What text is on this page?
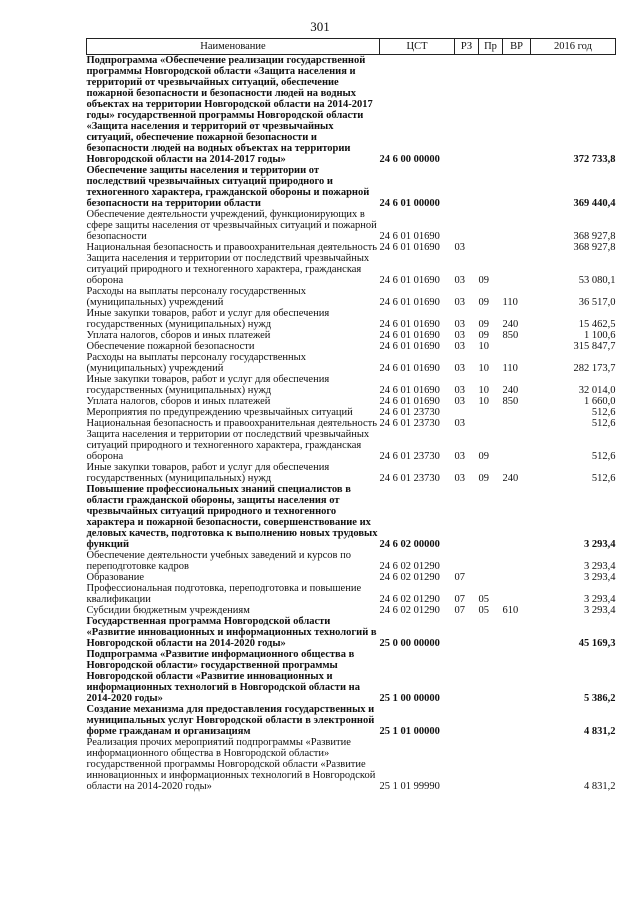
301
Наименование	ЦСТ	РЗ	Пр	ВР	2016 год
Подпрограмма «Обеспечение реализации государственной программы Новгородской области «Защита населения и территорий от чрезвычайных ситуаций, обеспечение пожарной безопасности и безопасности людей на водных объектах на территории Новгородской области на 2014-2017 годы» государственной программы Новгородской области «Защита населения и территорий от чрезвычайных ситуаций, обеспечение пожарной безопасности и безопасности людей на водных объектах на территории Новгородской области на 2014-2017 годы»	24 6 00 00000				372 733,8
Обеспечение защиты населения и территории от последствий чрезвычайных ситуаций природного и техногенного характера, гражданской обороны и пожарной безопасности на территории области	24 6 01 00000				369 440,4
Обеспечение деятельности учреждений, функционирующих в сфере защиты населения от чрезвычайных ситуаций и пожарной безопасности	24 6 01 01690				368 927,8
Национальная безопасность и правоохранительная деятельность	24 6 01 01690	03			368 927,8
Защита населения и территории от последствий чрезвычайных ситуаций природного и техногенного характера, гражданская оборона	24 6 01 01690	03	09		53 080,1
Расходы на выплаты персоналу государственных (муниципальных) учреждений	24 6 01 01690	03	09	110	36 517,0
Иные закупки товаров, работ и услуг для обеспечения государственных (муниципальных) нужд	24 6 01 01690	03	09	240	15 462,5
Уплата налогов, сборов и иных платежей	24 6 01 01690	03	09	850	1 100,6
Обеспечение пожарной безопасности	24 6 01 01690	03	10		315 847,7
Расходы на выплаты персоналу государственных (муниципальных) учреждений	24 6 01 01690	03	10	110	282 173,7
Иные закупки товаров, работ и услуг для обеспечения государственных (муниципальных) нужд	24 6 01 01690	03	10	240	32 014,0
Уплата налогов, сборов и иных платежей	24 6 01 01690	03	10	850	1 660,0
Мероприятия по предупреждению чрезвычайных ситуаций	24 6 01 23730				512,6
Национальная безопасность и правоохранительная деятельность	24 6 01 23730	03			512,6
Защита населения и территории от последствий чрезвычайных ситуаций природного и техногенного характера, гражданская оборона	24 6 01 23730	03	09		512,6
Иные закупки товаров, работ и услуг для обеспечения государственных (муниципальных) нужд	24 6 01 23730	03	09	240	512,6
Повышение профессиональных знаний специалистов в области гражданской обороны, защиты населения от чрезвычайных ситуаций природного и техногенного характера и пожарной безопасности, совершенствование их деловых качеств, подготовка к выполнению новых трудовых функций	24 6 02 00000				3 293,4
Обеспечение деятельности учебных заведений и курсов по переподготовке кадров	24 6 02 01290				3 293,4
Образование	24 6 02 01290	07			3 293,4
Профессиональная подготовка, переподготовка и повышение квалификации	24 6 02 01290	07	05		3 293,4
Субсидии бюджетным учреждениям	24 6 02 01290	07	05	610	3 293,4
Государственная программа Новгородской области «Развитие инновационных и информационных технологий в Новгородской области на 2014-2020 годы»	25 0 00 00000				45 169,3
Подпрограмма «Развитие информационного общества в Новгородской области» государственной программы Новгородской области «Развитие инновационных и информационных технологий в Новгородской области на 2014-2020 годы»	25 1 00 00000				5 386,2
Создание механизма для предоставления государственных и муниципальных услуг Новгородской области в электронной форме гражданам и организациям	25 1 01 00000				4 831,2
Реализация прочих мероприятий подпрограммы «Развитие информационного общества в Новгородской области» государственной программы Новгородской области «Развитие инновационных и информационных технологий в Новгородской области на 2014-2020 годы»	25 1 01 99990				4 831,2
